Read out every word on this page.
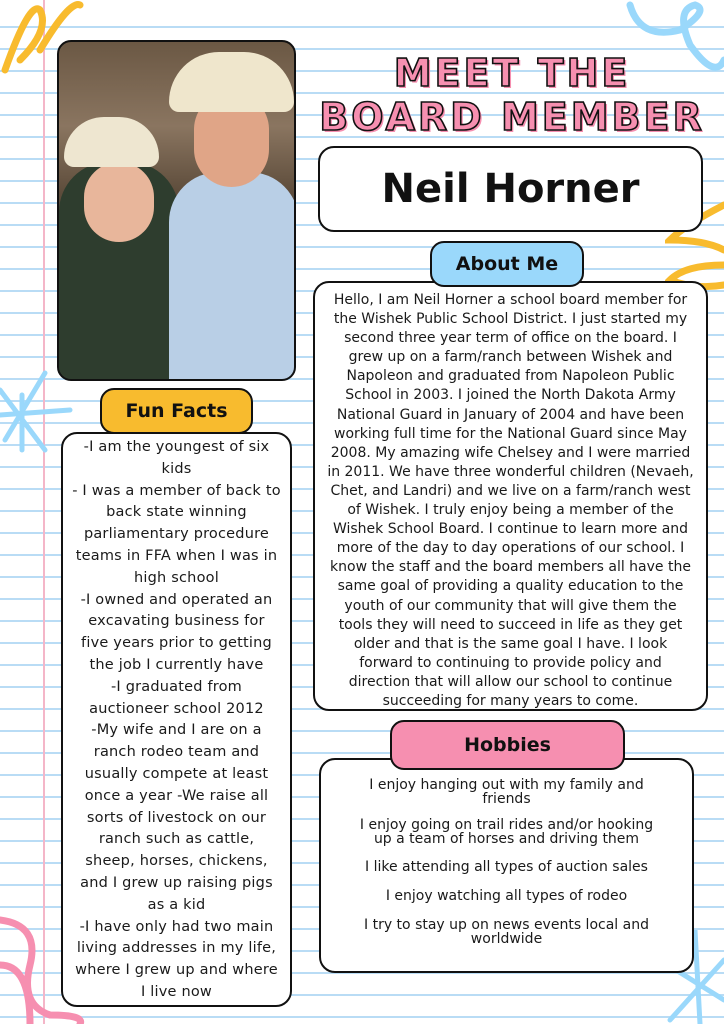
MEET THE
BOARD MEMBER
Neil Horner
About Me
Hello, I am Neil Horner a school board member for
the Wishek Public School District. I just started my
second three year term of office on the board. I
grew up on a farm/ranch between Wishek and
Napoleon and graduated from Napoleon Public
School in 2003. I joined the North Dakota Army
National Guard in January of 2004 and have been
working full time for the National Guard since May
2008. My amazing wife Chelsey and I were married
in 2011. We have three wonderful children (Nevaeh,
Chet, and Landri) and we live on a farm/ranch west
of Wishek. I truly enjoy being a member of the
Wishek School Board. I continue to learn more and
more of the day to day operations of our school. I
know the staff and the board members all have the
same goal of providing a quality education to the
youth of our community that will give them the
tools they will need to succeed in life as they get
older and that is the same goal I have. I look
forward to continuing to provide policy and
direction that will allow our school to continue
succeeding for many years to come.
Fun Facts
-I am the youngest of six
kids
- I was a member of back to
back state winning
parliamentary procedure
teams in FFA when I was in
high school
-I owned and operated an
excavating business for
five years prior to getting
the job I currently have
-I graduated from
auctioneer school 2012
-My wife and I are on a
ranch rodeo team and
usually compete at least
once a year -We raise all
sorts of livestock on our
ranch such as cattle,
sheep, horses, chickens,
and I grew up raising pigs
as a kid
-I have only had two main
living addresses in my life,
where I grew up and where
I live now
Hobbies
I enjoy hanging out with my family and
friends
I enjoy going on trail rides and/or hooking
up a team of horses and driving them
I like attending all types of auction sales
I enjoy watching all types of rodeo
I try to stay up on news events local and
worldwide
